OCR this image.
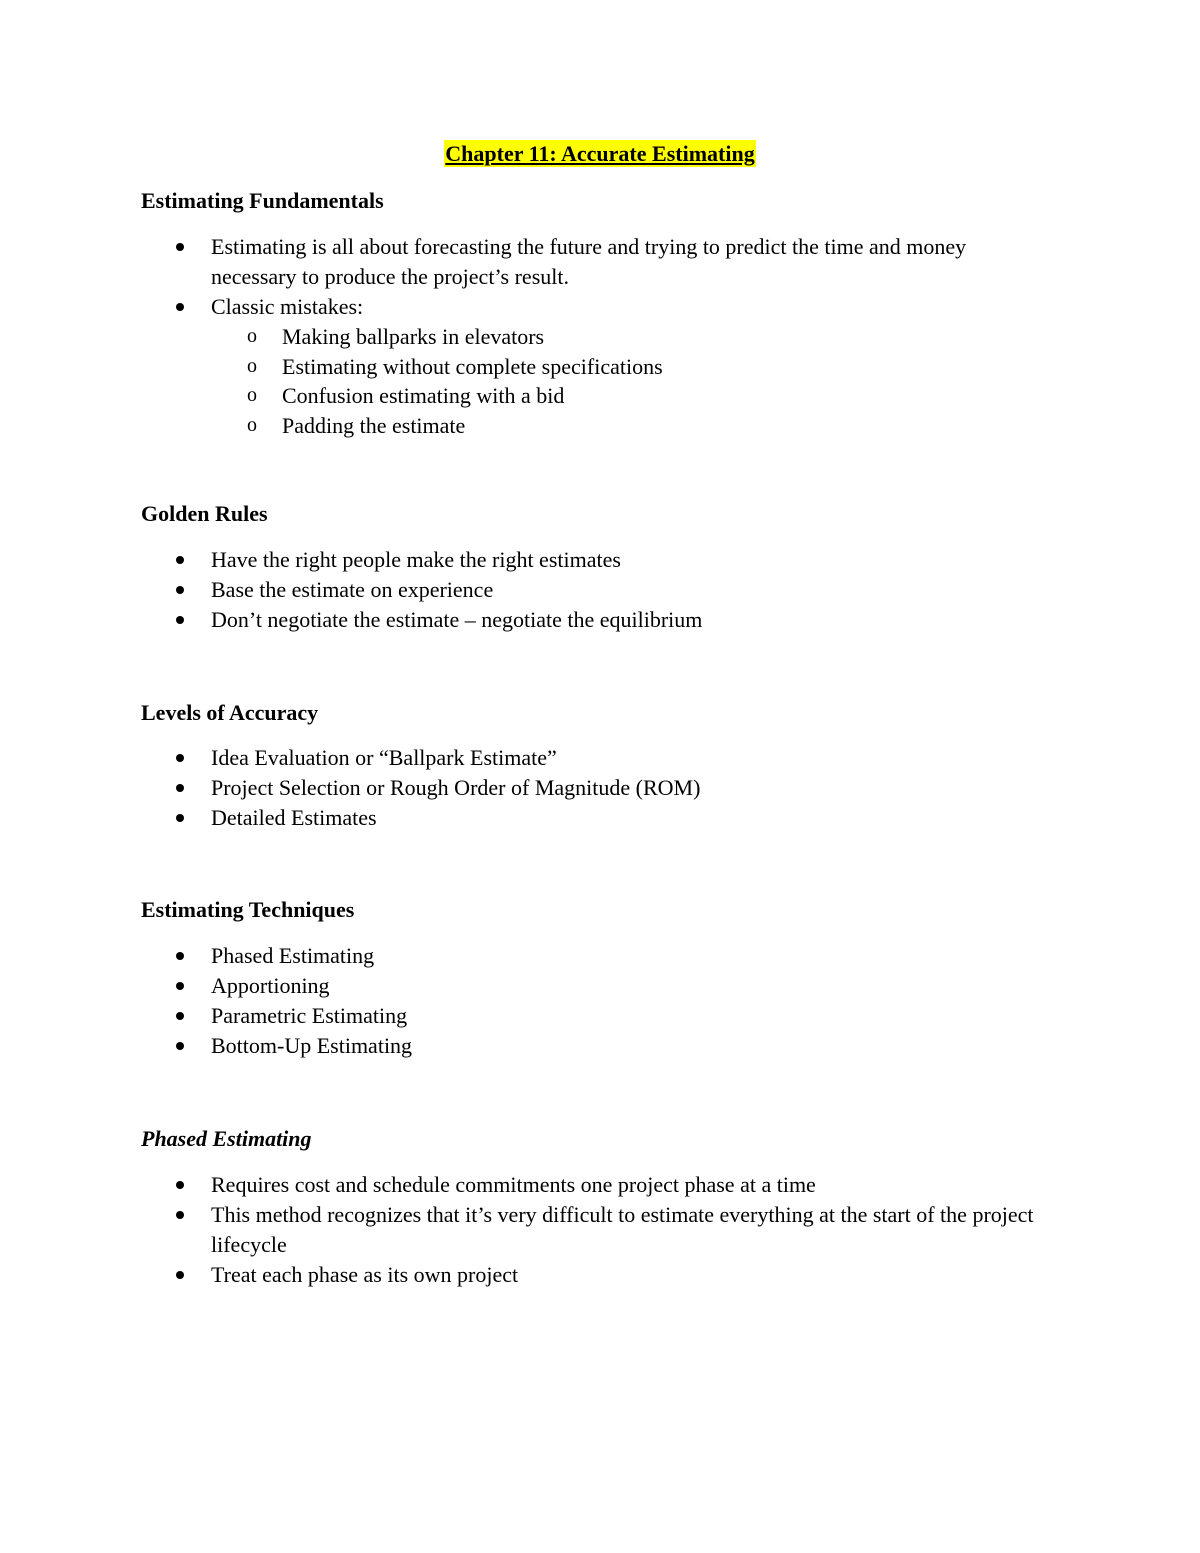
Chapter 11: Accurate Estimating
Estimating Fundamentals
Estimating is all about forecasting the future and trying to predict the time and money necessary to produce the project’s result.
Classic mistakes:
o Making ballparks in elevators
o Estimating without complete specifications
o Confusion estimating with a bid
o Padding the estimate
Golden Rules
Have the right people make the right estimates
Base the estimate on experience
Don’t negotiate the estimate – negotiate the equilibrium
Levels of Accuracy
Idea Evaluation or “Ballpark Estimate”
Project Selection or Rough Order of Magnitude (ROM)
Detailed Estimates
Estimating Techniques
Phased Estimating
Apportioning
Parametric Estimating
Bottom-Up Estimating
Phased Estimating
Requires cost and schedule commitments one project phase at a time
This method recognizes that it’s very difficult to estimate everything at the start of the project lifecycle
Treat each phase as its own project
